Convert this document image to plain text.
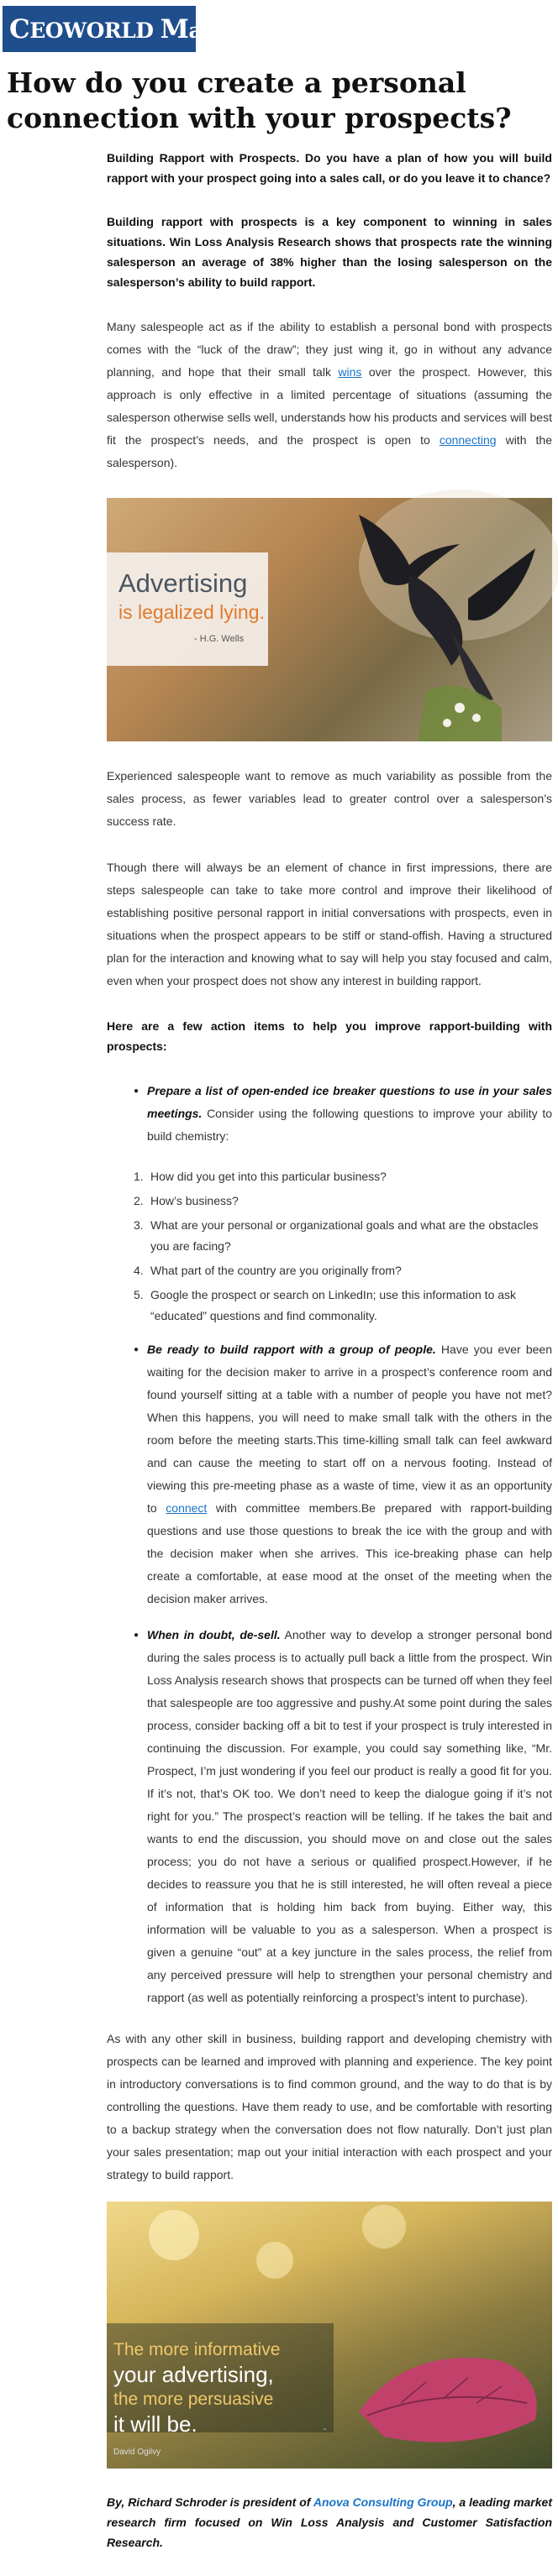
CEOWORLD Magazine
How do you create a personal connection with your prospects?

Building Rapport with Prospects. Do you have a plan of how you will build rapport with your prospect going into a sales call, or do you leave it to chance?

Building rapport with prospects is a key component to winning in sales situations. Win Loss Analysis Research shows that prospects rate the winning salesperson an average of 38% higher than the losing salesperson on the salesperson’s ability to build rapport.

Many salespeople act as if the ability to establish a personal bond with prospects comes with the “luck of the draw”; they just wing it, go in without any advance planning, and hope that their small talk wins over the prospect. However, this approach is only effective in a limited percentage of situations (assuming the salesperson otherwise sells well, understands how his products and services will best fit the prospect’s needs, and the prospect is open to connecting with the salesperson).

Advertising
is legalized lying.
- H.G. Wells

Experienced salespeople want to remove as much variability as possible from the sales process, as fewer variables lead to greater control over a salesperson’s success rate.

Though there will always be an element of chance in first impressions, there are steps salespeople can take to take more control and improve their likelihood of establishing positive personal rapport in initial conversations with prospects, even in situations when the prospect appears to be stiff or stand-offish. Having a structured plan for the interaction and knowing what to say will help you stay focused and calm, even when your prospect does not show any interest in building rapport.

Here are a few action items to help you improve rapport-building with prospects:

● Prepare a list of open-ended ice breaker questions to use in your sales meetings. Consider using the following questions to improve your ability to build chemistry:
1. How did you get into this particular business?
2. How’s business?
3. What are your personal or organizational goals and what are the obstacles you are facing?
4. What part of the country are you originally from?
5. Google the prospect or search on LinkedIn; use this information to ask “educated” questions and find commonality.
● Be ready to build rapport with a group of people. Have you ever been waiting for the decision maker to arrive in a prospect’s conference room and found yourself sitting at a table with a number of people you have not met? When this happens, you will need to make small talk with the others in the room before the meeting starts.This time-killing small talk can feel awkward and can cause the meeting to start off on a nervous footing. Instead of viewing this pre-meeting phase as a waste of time, view it as an opportunity to connect with committee members.Be prepared with rapport-building questions and use those questions to break the ice with the group and with the decision maker when she arrives. This ice-breaking phase can help create a comfortable, at ease mood at the onset of the meeting when the decision maker arrives.
● When in doubt, de-sell. Another way to develop a stronger personal bond during the sales process is to actually pull back a little from the prospect. Win Loss Analysis research shows that prospects can be turned off when they feel that salespeople are too aggressive and pushy.At some point during the sales process, consider backing off a bit to test if your prospect is truly interested in continuing the discussion. For example, you could say something like, “Mr. Prospect, I’m just wondering if you feel our product is really a good fit for you. If it’s not, that’s OK too. We don’t need to keep the dialogue going if it’s not right for you.” The prospect’s reaction will be telling. If he takes the bait and wants to end the discussion, you should move on and close out the sales process; you do not have a serious or qualified prospect.However, if he decides to reassure you that he is still interested, he will often reveal a piece of information that is holding him back from buying. Either way, this information will be valuable to you as a salesperson. When a prospect is given a genuine “out” at a key juncture in the sales process, the relief from any perceived pressure will help to strengthen your personal chemistry and rapport (as well as potentially reinforcing a prospect’s intent to purchase).

As with any other skill in business, building rapport and developing chemistry with prospects can be learned and improved with planning and experience. The key point in introductory conversations is to find common ground, and the way to do that is by controlling the questions. Have them ready to use, and be comfortable with resorting to a backup strategy when the conversation does not flow naturally. Don’t just plan your sales presentation; map out your initial interaction with each prospect and your strategy to build rapport.

The more informative
your advertising,
the more persuasive
it will be.	- David Ogilvy

By, Richard Schroder is president of Anova Consulting Group, a leading market research firm focused on Win Loss Analysis and Customer Satisfaction Research.
